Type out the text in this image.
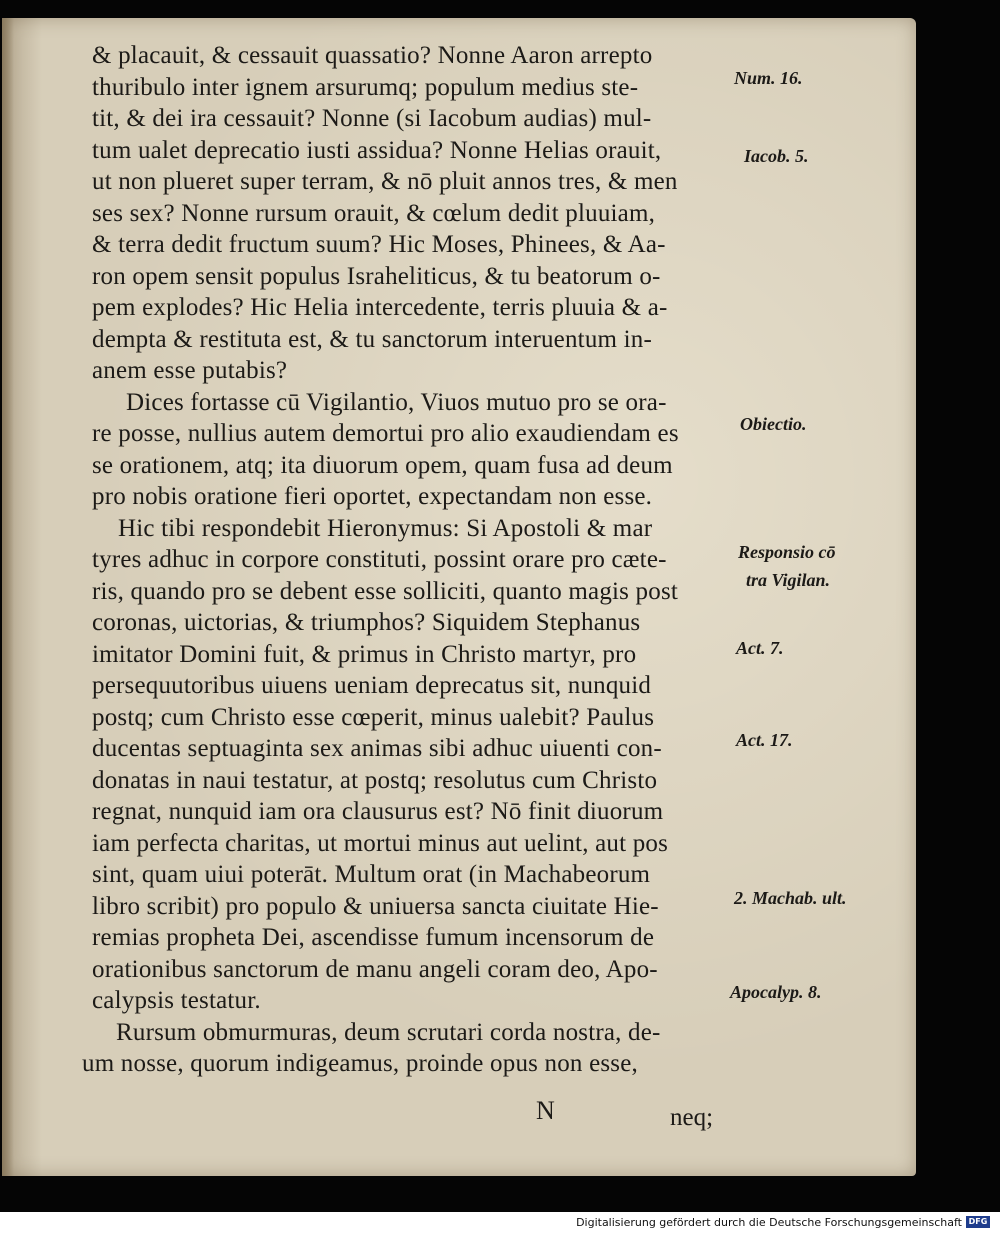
& placauit, & cessauit quassatio? Nonne Aaron arrepto
thuribulo inter ignem arsurumq; populum medius ste-
tit, & dei ira cessauit? Nonne (si Iacobum audias) mul-
tum ualet deprecatio iusti assidua? Nonne Helias orauit,
ut non plueret super terram, & nō pluit annos tres, & men
ses sex? Nonne rursum orauit, & cœlum dedit pluuiam,
& terra dedit fructum suum? Hic Moses, Phinees, & Aa-
ron opem sensit populus Israheliticus, & tu beatorum o-
pem explodes? Hic Helia intercedente, terris pluuia & a-
dempta & restituta est, & tu sanctorum interuentum in-
anem esse putabis?
Dices fortasse cū Vigilantio, Viuos mutuo pro se ora-
re posse, nullius autem demortui pro alio exaudiendam es
se orationem, atq; ita diuorum opem, quam fusa ad deum
pro nobis oratione fieri oportet, expectandam non esse.
Hic tibi respondebit Hieronymus: Si Apostoli & mar
tyres adhuc in corpore constituti, possint orare pro cæte-
ris, quando pro se debent esse solliciti, quanto magis post
coronas, uictorias, & triumphos? Siquidem Stephanus
imitator Domini fuit, & primus in Christo martyr, pro
persequutoribus uiuens ueniam deprecatus sit, nunquid
postq; cum Christo esse cœperit, minus ualebit? Paulus
ducentas septuaginta sex animas sibi adhuc uiuenti con-
donatas in naui testatur, at postq; resolutus cum Christo
regnat, nunquid iam ora clausurus est? Nō finit diuorum
iam perfecta charitas, ut mortui minus aut uelint, aut pos
sint, quam uiui poterāt. Multum orat (in Machabeorum
libro scribit) pro populo & uniuersa sancta ciuitate Hie-
remias propheta Dei, ascendisse fumum incensorum de
orationibus sanctorum de manu angeli coram deo, Apo-
calypsis testatur.
Rursum obmurmuras, deum scrutari corda nostra, de-
um nosse, quorum indigeamus, proinde opus non esse,
Num. 16.
Iacob. 5.
Obiectio.
Responsio cō
tra Vigilan.
Act. 7.
Act. 17.
2. Machab. ult.
Apocalyp. 8.
N	neq;
Digitalisierung gefördert durch die Deutsche Forschungsgemeinschaft DFG
